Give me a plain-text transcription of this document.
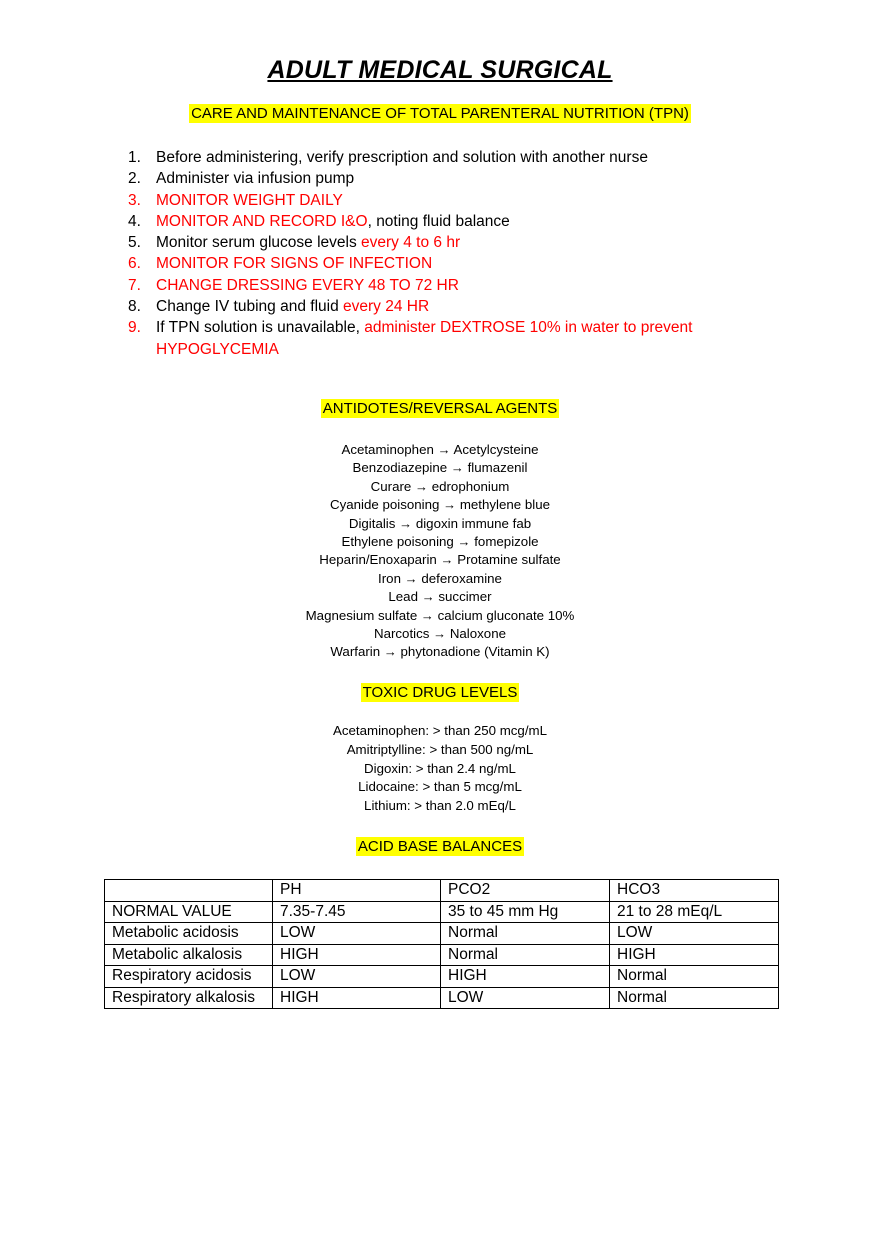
ADULT MEDICAL SURGICAL
CARE AND MAINTENANCE OF TOTAL PARENTERAL NUTRITION (TPN)
1. Before administering, verify prescription and solution with another nurse
2. Administer via infusion pump
3. MONITOR WEIGHT DAILY
4. MONITOR AND RECORD I&O, noting fluid balance
5. Monitor serum glucose levels every 4 to 6 hr
6. MONITOR FOR SIGNS OF INFECTION
7. CHANGE DRESSING EVERY 48 TO 72 HR
8. Change IV tubing and fluid every 24 HR
9. If TPN solution is unavailable, administer DEXTROSE 10% in water to prevent HYPOGLYCEMIA
ANTIDOTES/REVERSAL AGENTS
Acetaminophen → Acetylcysteine
Benzodiazepine → flumazenil
Curare → edrophonium
Cyanide poisoning → methylene blue
Digitalis → digoxin immune fab
Ethylene poisoning → fomepizole
Heparin/Enoxaparin → Protamine sulfate
Iron → deferoxamine
Lead → succimer
Magnesium sulfate → calcium gluconate 10%
Narcotics → Naloxone
Warfarin → phytonadione (Vitamin K)
TOXIC DRUG LEVELS
Acetaminophen: > than 250 mcg/mL
Amitriptylline: > than 500 ng/mL
Digoxin: > than 2.4 ng/mL
Lidocaine: > than 5 mcg/mL
Lithium: > than 2.0 mEq/L
ACID BASE BALANCES
	PH	PCO2	HCO3
NORMAL VALUE	7.35-7.45	35 to 45 mm Hg	21 to 28 mEq/L
Metabolic acidosis	LOW	Normal	LOW
Metabolic alkalosis	HIGH	Normal	HIGH
Respiratory acidosis	LOW	HIGH	Normal
Respiratory alkalosis	HIGH	LOW	Normal
